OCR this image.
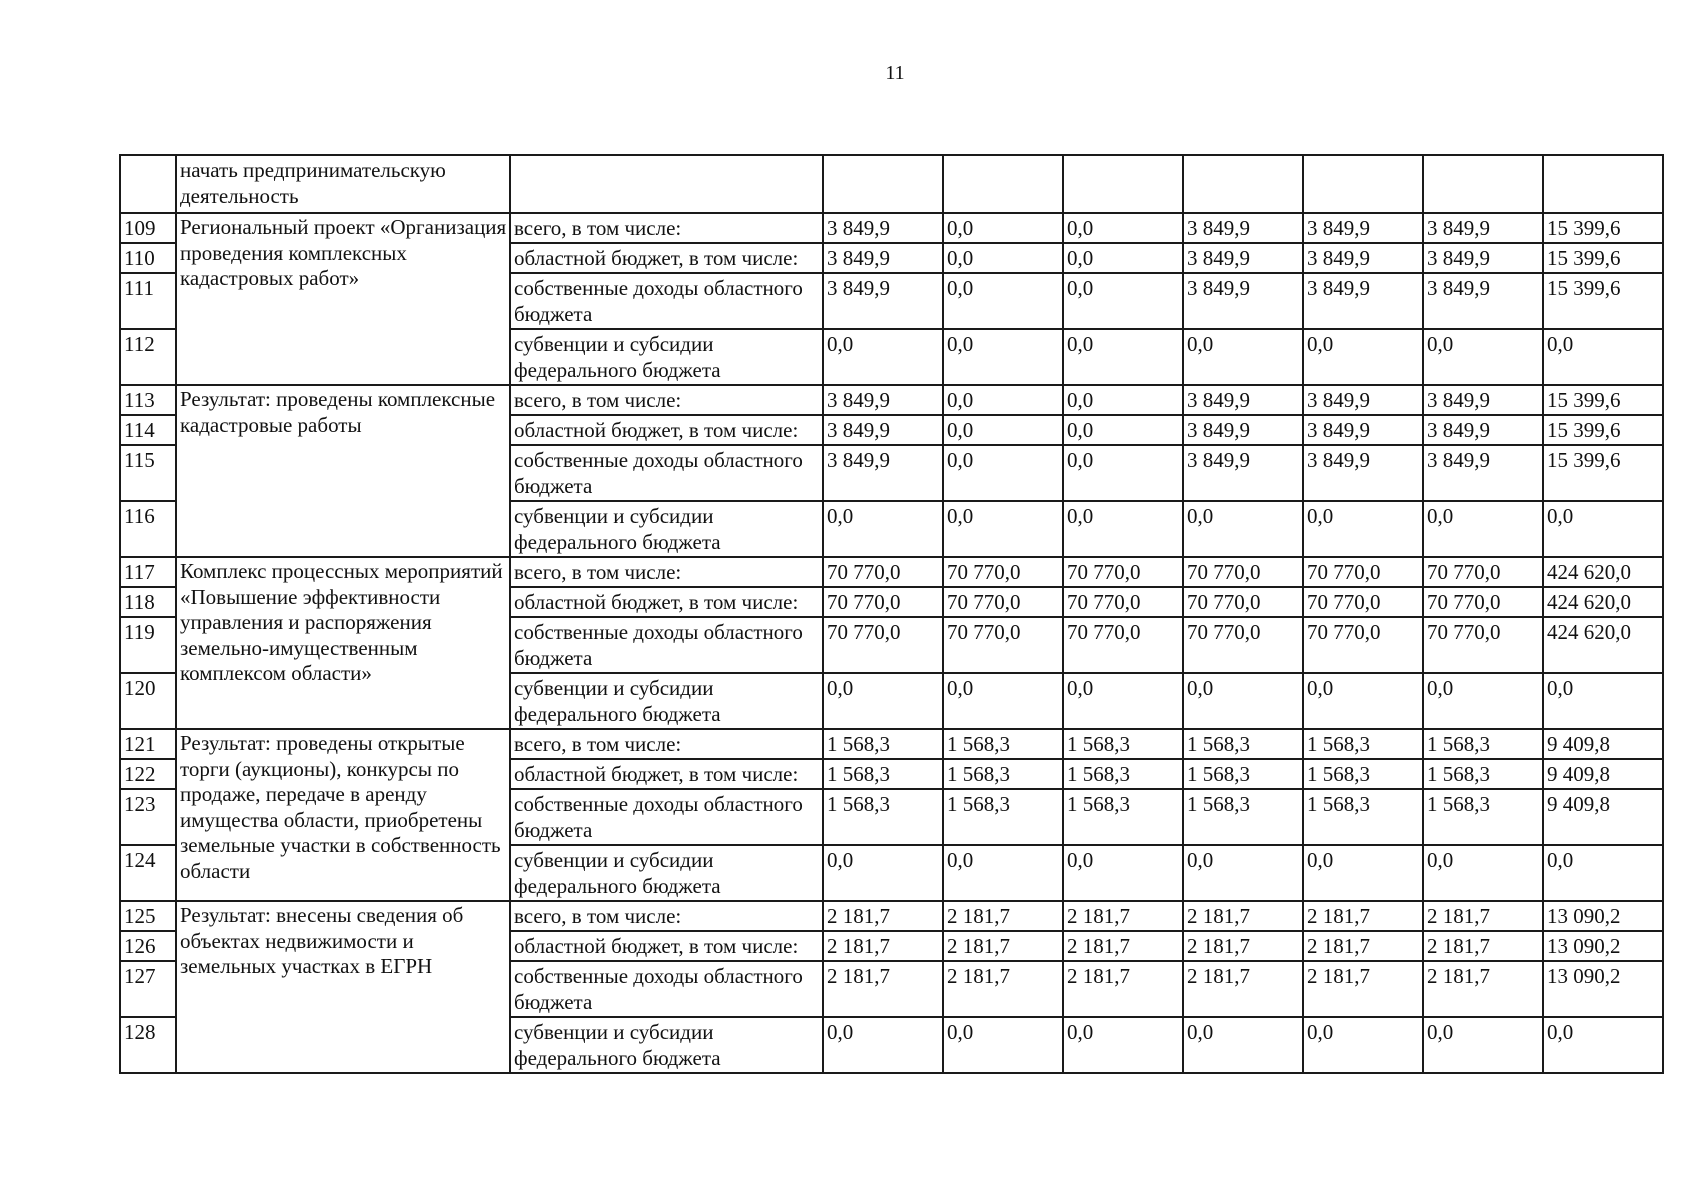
11
	начать предпринимательскую деятельность								
109	Региональный проект «Организация проведения комплексных кадастровых работ»	всего, в том числе:	3 849,9	0,0	0,0	3 849,9	3 849,9	3 849,9	15 399,6
110		областной бюджет, в том числе:	3 849,9	0,0	0,0	3 849,9	3 849,9	3 849,9	15 399,6
111		собственные доходы областного бюджета	3 849,9	0,0	0,0	3 849,9	3 849,9	3 849,9	15 399,6
112		субвенции и субсидии федерального бюджета	0,0	0,0	0,0	0,0	0,0	0,0	0,0
113	Результат: проведены комплексные кадастровые работы	всего, в том числе:	3 849,9	0,0	0,0	3 849,9	3 849,9	3 849,9	15 399,6
114		областной бюджет, в том числе:	3 849,9	0,0	0,0	3 849,9	3 849,9	3 849,9	15 399,6
115		собственные доходы областного бюджета	3 849,9	0,0	0,0	3 849,9	3 849,9	3 849,9	15 399,6
116		субвенции и субсидии федерального бюджета	0,0	0,0	0,0	0,0	0,0	0,0	0,0
117	Комплекс процессных мероприятий «Повышение эффективности управления и распоряжения земельно-имущественным комплексом области»	всего, в том числе:	70 770,0	70 770,0	70 770,0	70 770,0	70 770,0	70 770,0	424 620,0
118		областной бюджет, в том числе:	70 770,0	70 770,0	70 770,0	70 770,0	70 770,0	70 770,0	424 620,0
119		собственные доходы областного бюджета	70 770,0	70 770,0	70 770,0	70 770,0	70 770,0	70 770,0	424 620,0
120		субвенции и субсидии федерального бюджета	0,0	0,0	0,0	0,0	0,0	0,0	0,0
121	Результат: проведены открытые торги (аукционы), конкурсы по продаже, передаче в аренду имущества области, приобретены земельные участки в собственность области	всего, в том числе:	1 568,3	1 568,3	1 568,3	1 568,3	1 568,3	1 568,3	9 409,8
122		областной бюджет, в том числе:	1 568,3	1 568,3	1 568,3	1 568,3	1 568,3	1 568,3	9 409,8
123		собственные доходы областного бюджета	1 568,3	1 568,3	1 568,3	1 568,3	1 568,3	1 568,3	9 409,8
124		субвенции и субсидии федерального бюджета	0,0	0,0	0,0	0,0	0,0	0,0	0,0
125	Результат: внесены сведения об объектах недвижимости и земельных участках в ЕГРН	всего, в том числе:	2 181,7	2 181,7	2 181,7	2 181,7	2 181,7	2 181,7	13 090,2
126		областной бюджет, в том числе:	2 181,7	2 181,7	2 181,7	2 181,7	2 181,7	2 181,7	13 090,2
127		собственные доходы областного бюджета	2 181,7	2 181,7	2 181,7	2 181,7	2 181,7	2 181,7	13 090,2
128		субвенции и субсидии федерального бюджета	0,0	0,0	0,0	0,0	0,0	0,0	0,0
